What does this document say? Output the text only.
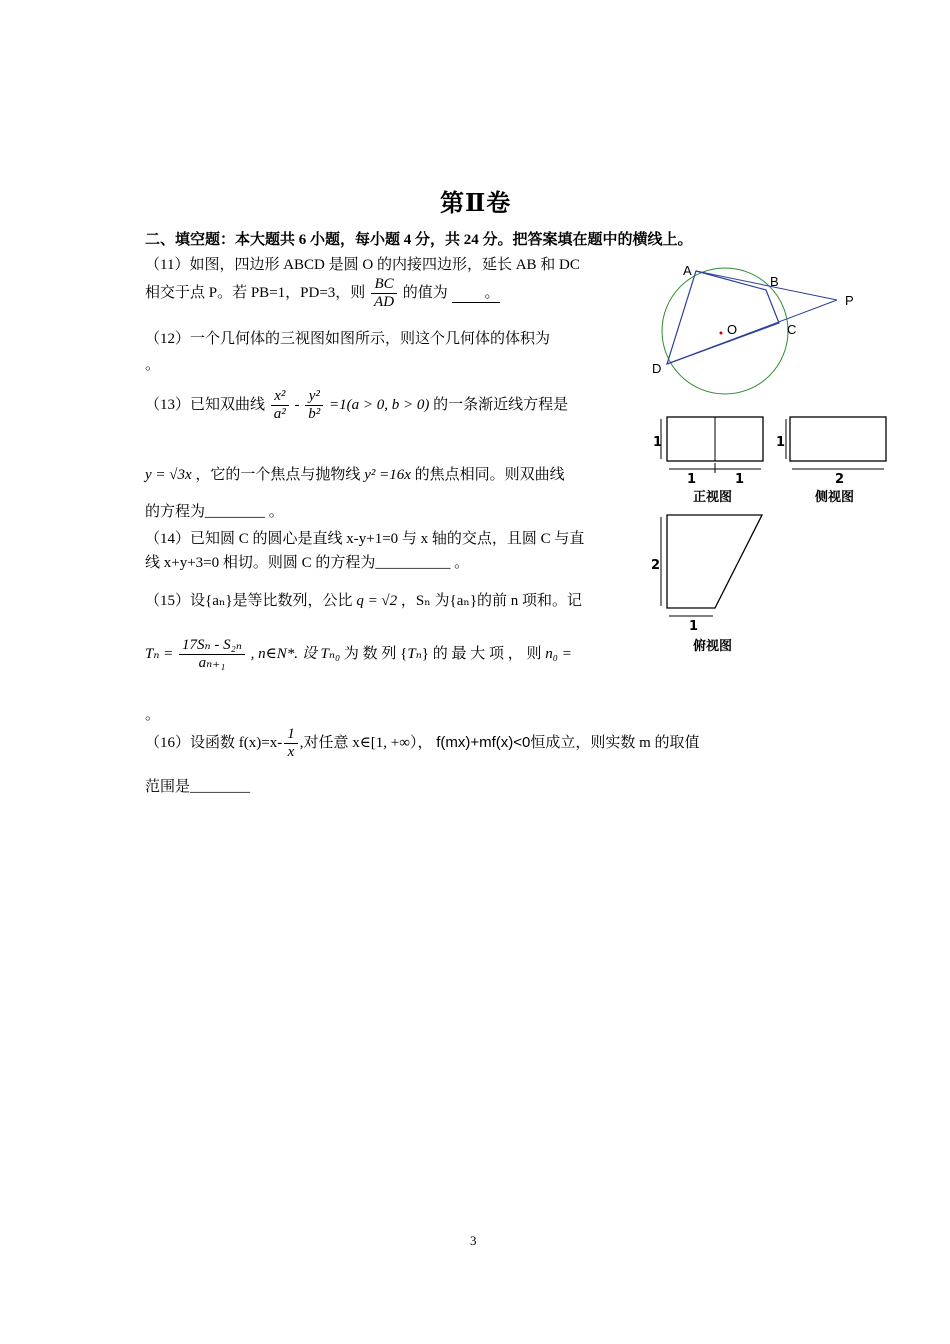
第Ⅱ卷
二、填空题：本大题共 6 小题，每小题 4 分，共 24 分。把答案填在题中的横线上。
（11）如图，四边形 ABCD 是圆 O 的内接四边形，延长 AB 和 DC
相交于点 P。若 PB=1，PD=3，则 $\frac{BC}{AD}$ 的值为 。
（12）一个几何体的三视图如图所示，则这个几何体的体积为
。
（13）已知双曲线 $\frac{\text{x²}}{\text{a²}} - \frac{\text{y²}}{\text{b²}} =1(a > 0$, b > 0) 的一条渐近线方程是
y = √3x ，它的一个焦点与抛物线 y² =16x 的焦点相同。则双曲线
的方程为________ 。
（14）已知圆 C 的圆心是直线 x-y+1=0 与 x 轴的交点，且圆 C 与直
线 x+y+3=0 相切。则圆 C 的方程为__________ 。
（15）设{aₙ}是等比数列，公比 q = √2 ，Sₙ 为{aₙ}的前 n 项和。记
$T_n = \frac{\text{17Sₙ - S₂ₙ}}{\text{aₙ₊₁}}$ , n∈N*. 设 Tₙ₀ 为 数 列 {Tₙ} 的 最 大 项 ， 则 n₀ =
。
（16）设函数 $f(x)=x- \frac{1}{x}$ ,对任意 x∈[1, +∞）， f(mx)+mf(x)<0恒成立，则实数 m 的取值
范围是________
A
B
C
D
O
P
1
1	1
1
2
2
1
正视图	侧视图
俯视图
3
